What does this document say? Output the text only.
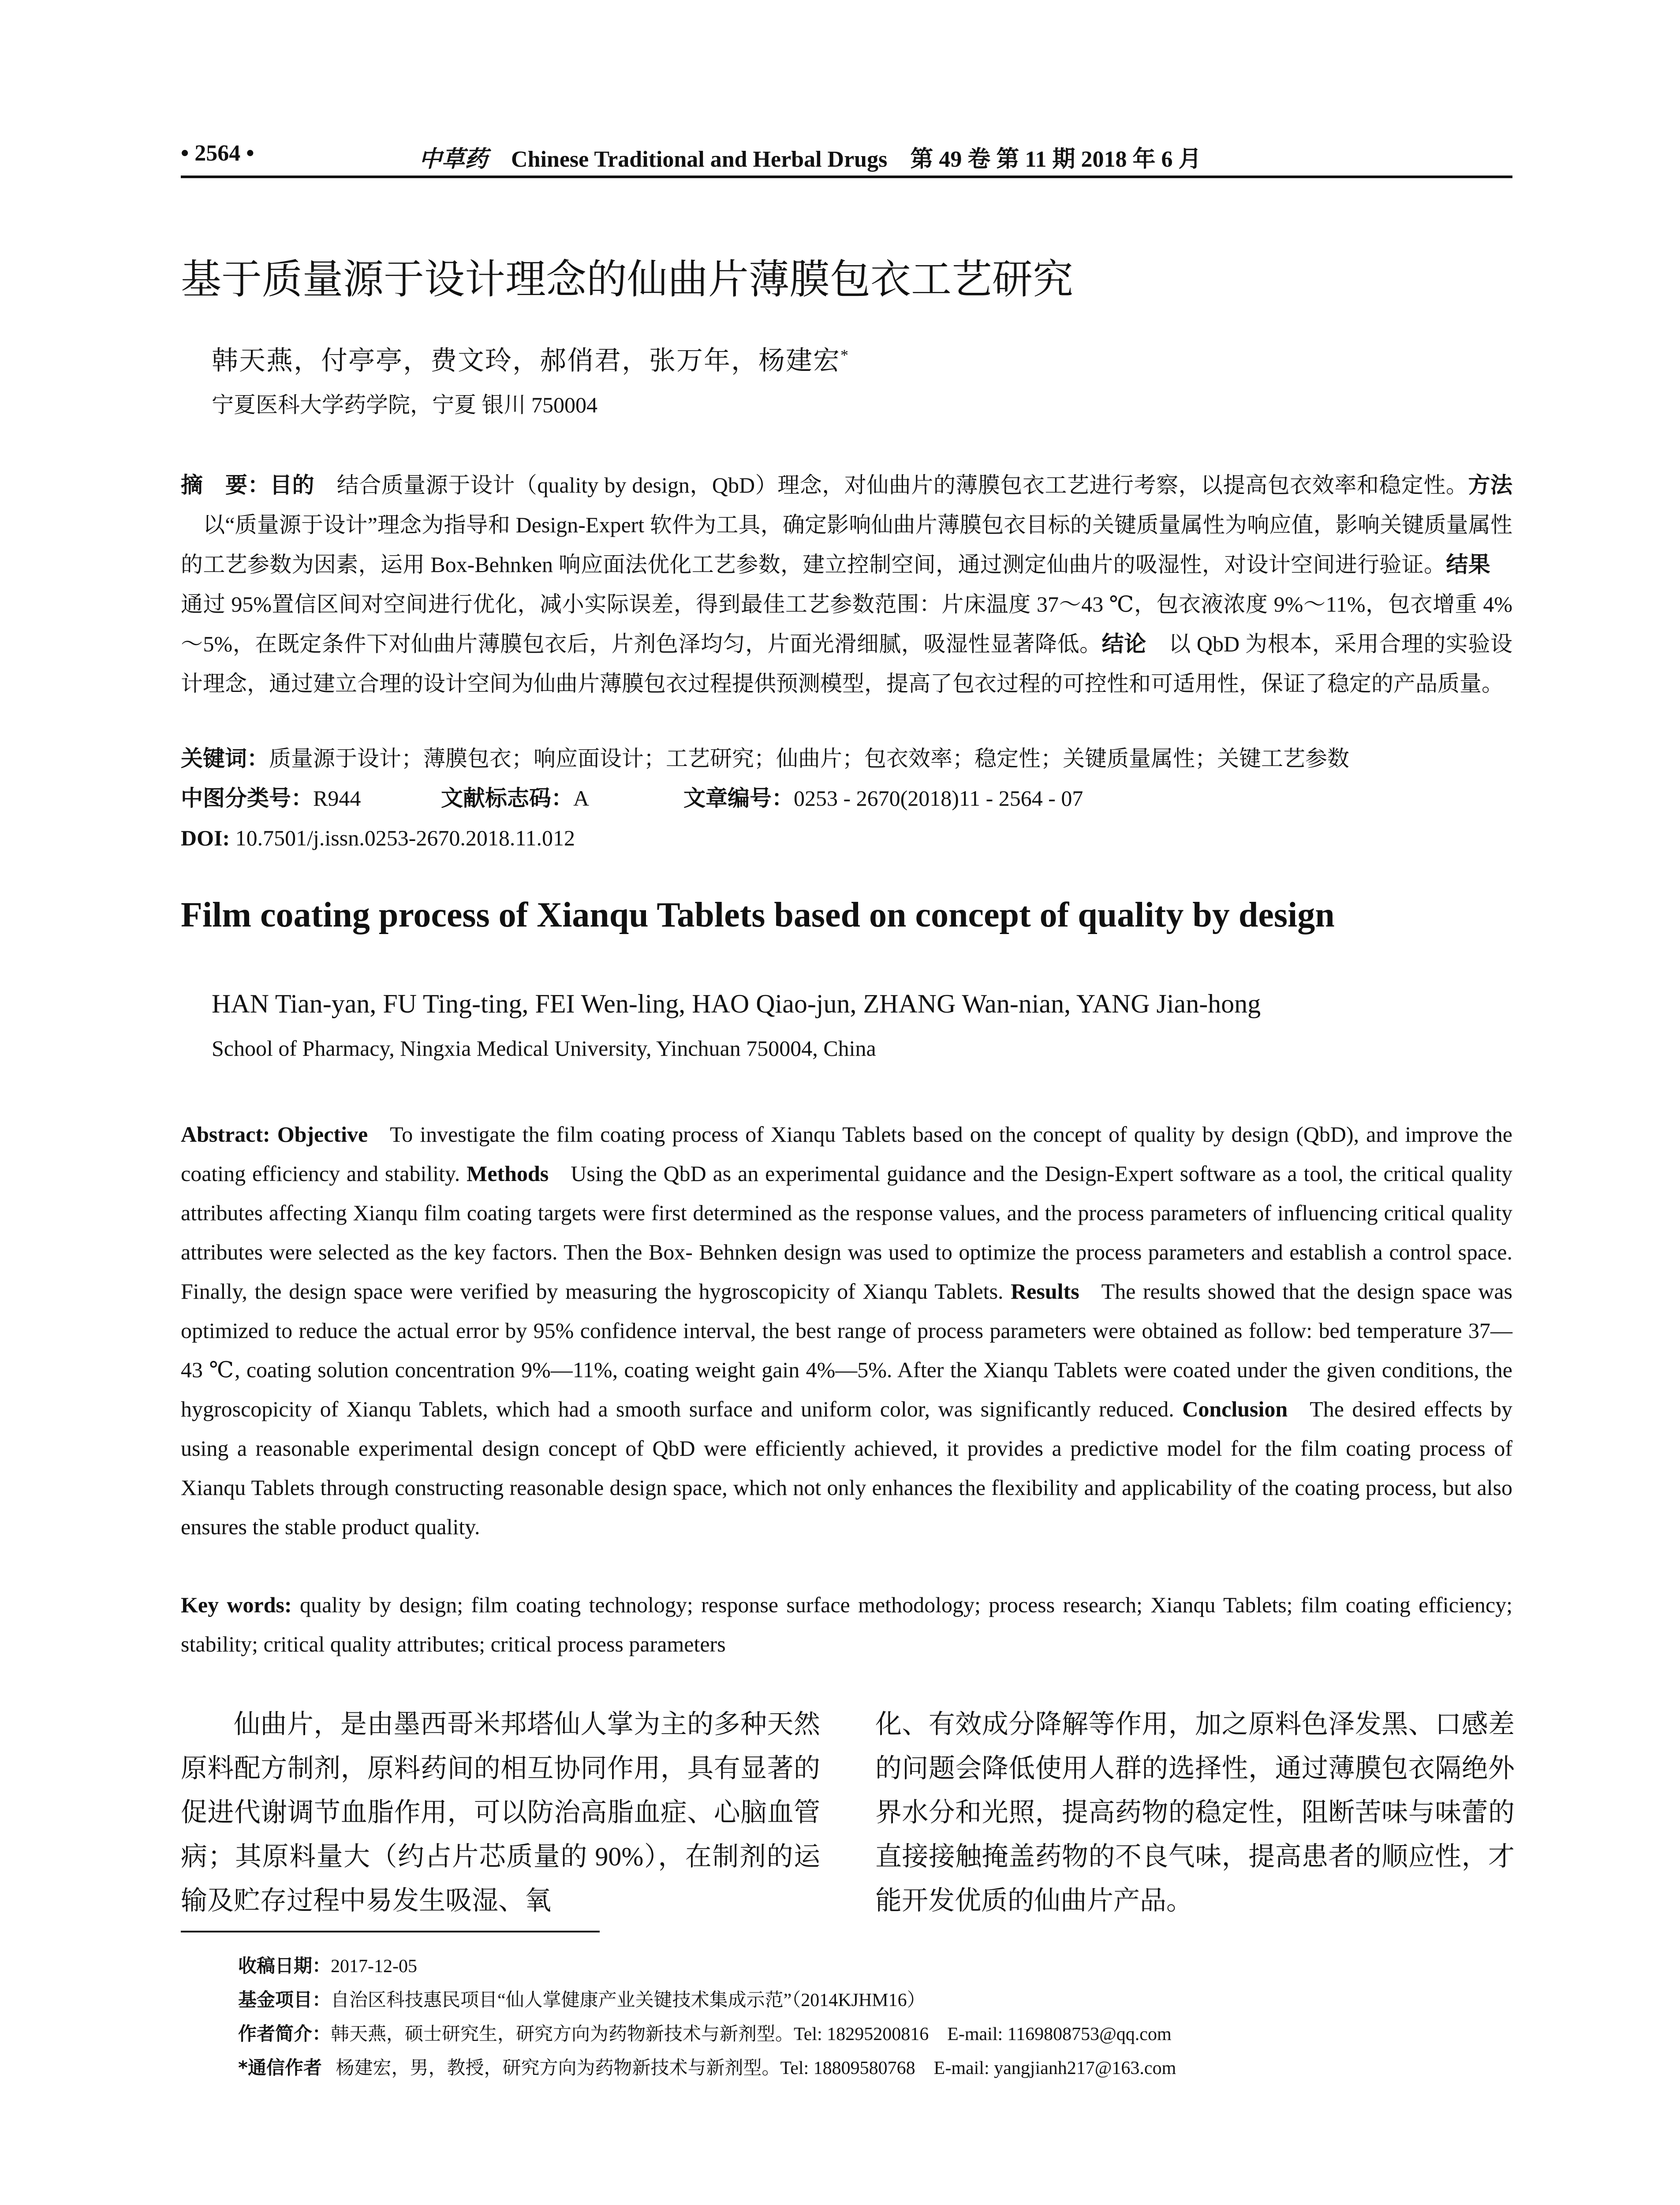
• 2564 •	中草药 Chinese Traditional and Herbal Drugs 第 49 卷 第 11 期 2018 年 6 月
基于质量源于设计理念的仙曲片薄膜包衣工艺研究
韩天燕，付亭亭，费文玲，郝俏君，张万年，杨建宏*
宁夏医科大学药学院，宁夏 银川 750004
摘　要：目的 结合质量源于设计（quality by design，QbD）理念，对仙曲片的薄膜包衣工艺进行考察，以提高包衣效率和稳定性。方法以“质量源于设计”理念为指导和 Design-Expert 软件为工具，确定影响仙曲片薄膜包衣目标的关键质量属性为响应值，影响关键质量属性的工艺参数为因素，运用 Box-Behnken 响应面法优化工艺参数，建立控制空间，通过测定仙曲片的吸湿性，对设计空间进行验证。结果通过 95%置信区间对空间进行优化，减小实际误差，得到最佳工艺参数范围：片床温度 37～43 ℃，包衣液浓度 9%～11%，包衣增重 4%～5%，在既定条件下对仙曲片薄膜包衣后，片剂色泽均匀，片面光滑细腻，吸湿性显著降低。结论 以 QbD 为根本，采用合理的实验设计理念，通过建立合理的设计空间为仙曲片薄膜包衣过程提供预测模型，提高了包衣过程的可控性和可适用性，保证了稳定的产品质量。
关键词：质量源于设计；薄膜包衣；响应面设计；工艺研究；仙曲片；包衣效率；稳定性；关键质量属性；关键工艺参数
中图分类号：R944	文献标志码：A	文章编号：0253 - 2670(2018)11 - 2564 - 07
DOI: 10.7501/j.issn.0253-2670.2018.11.012
Film coating process of Xianqu Tablets based on concept of quality by design
HAN Tian-yan, FU Ting-ting, FEI Wen-ling, HAO Qiao-jun, ZHANG Wan-nian, YANG Jian-hong
School of Pharmacy, Ningxia Medical University, Yinchuan 750004, China
Abstract: Objective To investigate the film coating process of Xianqu Tablets based on the concept of quality by design (QbD), and improve the coating efficiency and stability. Methods Using the QbD as an experimental guidance and the Design-Expert software as a tool, the critical quality attributes affecting Xianqu film coating targets were first determined as the response values, and the process parameters of influencing critical quality attributes were selected as the key factors. Then the Box- Behnken design was used to optimize the process parameters and establish a control space. Finally, the design space were verified by measuring the hygroscopicity of Xianqu Tablets. Results The results showed that the design space was optimized to reduce the actual error by 95% confidence interval, the best range of process parameters were obtained as follow: bed temperature 37—43 ℃, coating solution concentration 9%—11%, coating weight gain 4%—5%. After the Xianqu Tablets were coated under the given conditions, the hygroscopicity of Xianqu Tablets, which had a smooth surface and uniform color, was significantly reduced. Conclusion The desired effects by using a reasonable experimental design concept of QbD were efficiently achieved, it provides a predictive model for the film coating process of Xianqu Tablets through constructing reasonable design space, which not only enhances the flexibility and applicability of the coating process, but also ensures the stable product quality.
Key words: quality by design; film coating technology; response surface methodology; process research; Xianqu Tablets; film coating efficiency; stability; critical quality attributes; critical process parameters
仙曲片，是由墨西哥米邦塔仙人掌为主的多种天然原料配方制剂，原料药间的相互协同作用，具有显著的促进代谢调节血脂作用，可以防治高脂血症、心脑血管病；其原料量大（约占片芯质量的 90%），在制剂的运输及贮存过程中易发生吸湿、氧
化、有效成分降解等作用，加之原料色泽发黑、口感差的问题会降低使用人群的选择性，通过薄膜包衣隔绝外界水分和光照，提高药物的稳定性，阻断苦味与味蕾的直接接触掩盖药物的不良气味，提高患者的顺应性，才能开发优质的仙曲片产品。
收稿日期：2017-12-05
基金项目：自治区科技惠民项目“仙人掌健康产业关键技术集成示范”（2014KJHM16）
作者简介：韩天燕，硕士研究生，研究方向为药物新技术与新剂型。Tel: 18295200816　E-mail: 1169808753@qq.com
*通信作者 杨建宏，男，教授，研究方向为药物新技术与新剂型。Tel: 18809580768　E-mail: yangjianh217@163.com
